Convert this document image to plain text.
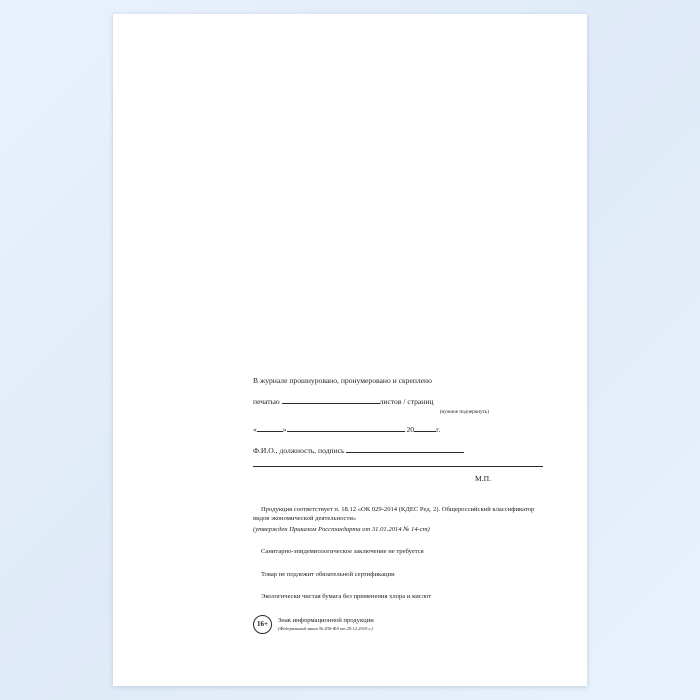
В журнале прошнуровано, пронумеровано и скреплено
печатью	листов / страниц
(нужное подчеркнуть)
«	»	20	г.
Ф.И.О., должность, подпись
М.П.
Продукция соответствует п. 18.12 «ОК 029-2014 (КДЕС Ред. 2). Общероссийский классификатор видов экономической деятельности»
(утвержден Приказом Росстандарта от 31.01.2014 № 14-ст)
Санитарно-эпидемиологическое заключение не требуется
Товар не подлежит обязательной сертификации
Экологически чистая бумага без применения хлора и кислот
16+	Знак информационной продукции
(Федеральный закон № 436-ФЗ от 29.12.2010 г.)
